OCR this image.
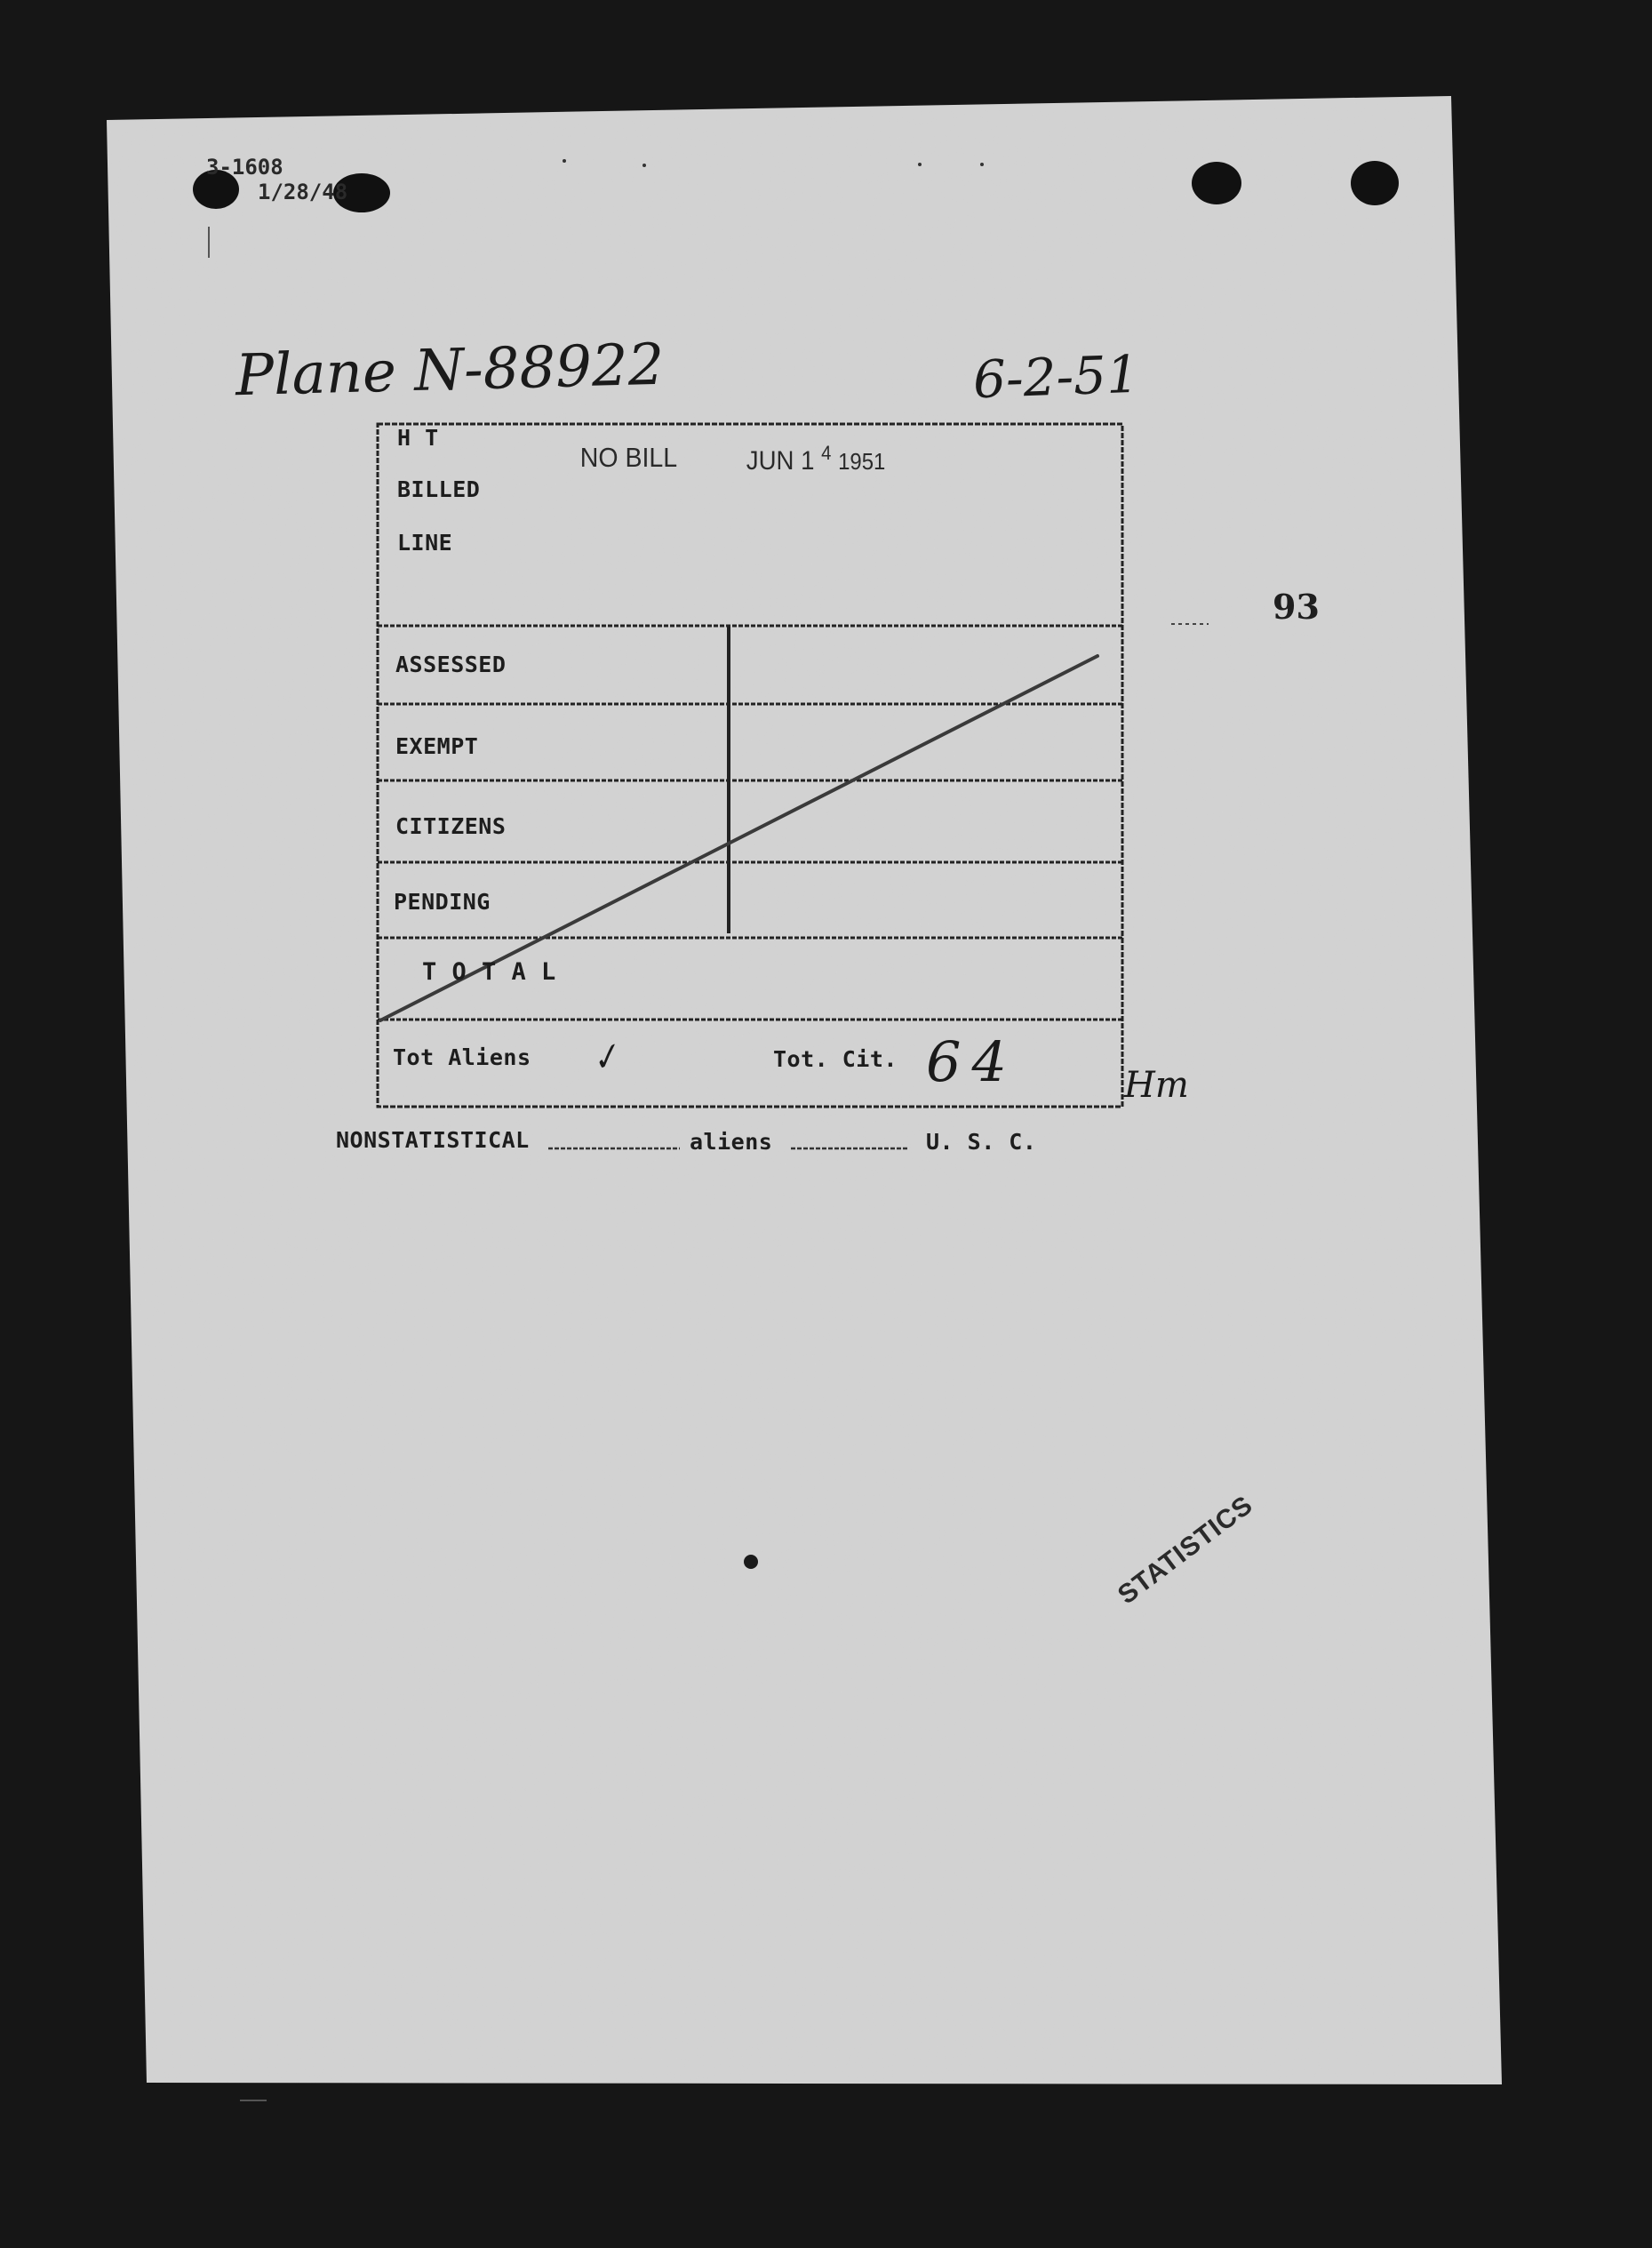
3-1608
1/28/48
Plane N-88922	6-2-51
93
NO BILL	JUN 1 $^4$ 1951
STATISTICS
H T
BILLED
LINE
ASSESSED
EXEMPT
CITIZENS
PENDING
T O T A L
Tot Aliens ✓	Tot. Cit. 64	Hm
NONSTATISTICAL	aliens	U. S. C.
